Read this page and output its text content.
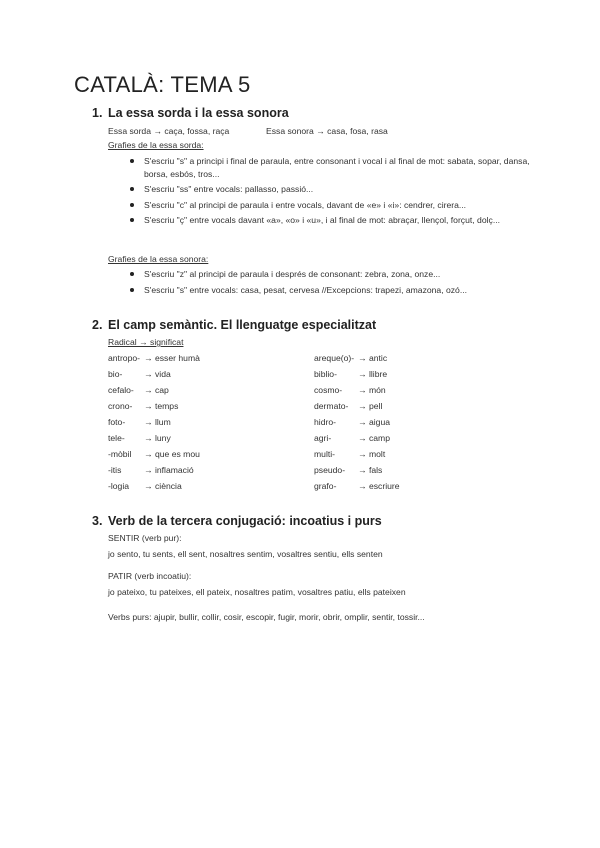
CATALÀ: TEMA 5
1. La essa sorda i la essa sonora
Essa sorda → caça, fossa, raça	Essa sonora → casa, fosa, rasa
Grafies de la essa sorda:
S'escriu "s" a principi i final de paraula, entre consonant i vocal i al final de mot: sabata, sopar, dansa, borsa, esbós, tros...
S'escriu "ss" entre vocals: pallasso, passió...
S'escriu "c" al principi de paraula i entre vocals, davant de «e» i «i»: cendrer, cirera...
S'escriu "ç" entre vocals davant «a», «o» i «u», i al final de mot: abraçar, llençol, forçut, dolç...
Grafies de la essa sonora:
S'escriu "z" al principi de paraula i després de consonant: zebra, zona, onze...
S'escriu "s" entre vocals: casa, pesat, cervesa //Excepcions: trapezi, amazona, ozó...
2. El camp semàntic. El llenguatge especialitzat
Radical → significat
antropo- → esser humà
bio-	→ vida
cefalo- → cap
crono- → temps
foto- → llum
tele- → luny
-mòbil → que es mou
-itis	→ inflamació
-logia → ciència
areque(o)- → antic
biblio- → llibre
cosmo- → món
dermato- → pell
hidro-	→ aigua
agri-	→ camp
multi-	→ molt
pseudo- → fals
grafo-	→ escriure
3. Verb de la tercera conjugació: incoatius i purs
SENTIR (verb pur):
jo sento, tu sents, ell sent, nosaltres sentim, vosaltres sentiu, ells senten
PATIR (verb incoatiu):
jo pateixo, tu pateixes, ell pateix, nosaltres patim, vosaltres patiu, ells pateixen
Verbs purs: ajupir, bullir, collir, cosir, escopir, fugir, morir, obrir, omplir, sentir, tossir...
